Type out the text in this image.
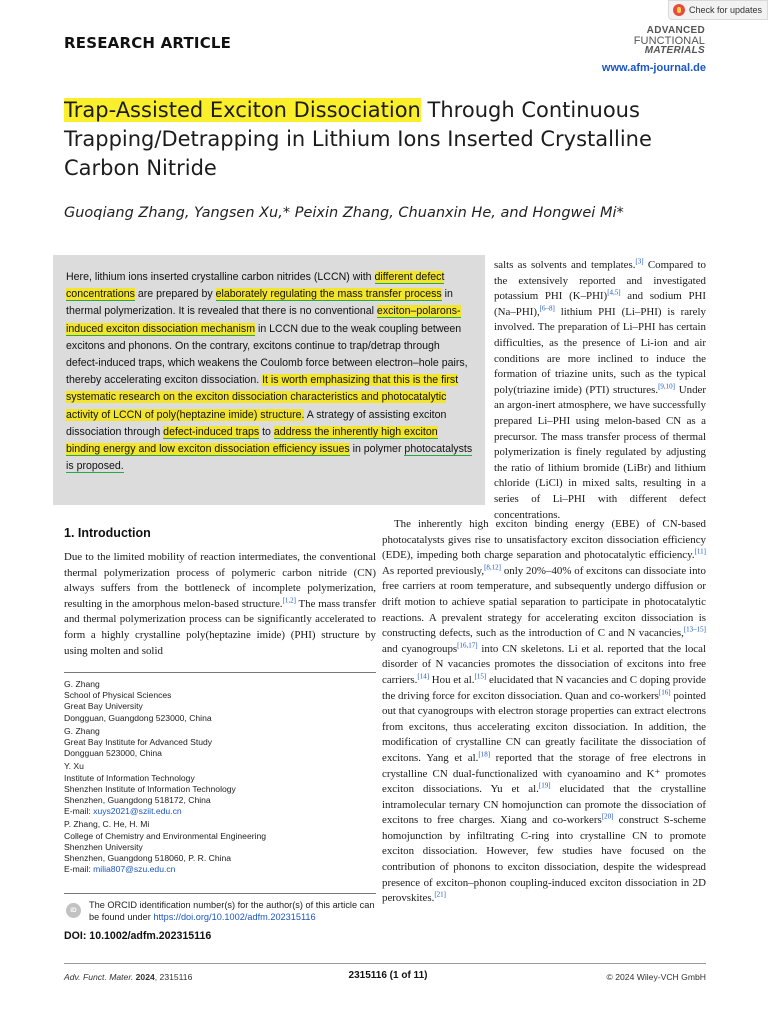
Check for updates
RESEARCH ARTICLE
ADVANCED
FUNCTIONAL
MATERIALS
www.afm-journal.de
Trap-Assisted Exciton Dissociation Through Continuous Trapping/Detrapping in Lithium Ions Inserted Crystalline Carbon Nitride
Guoqiang Zhang, Yangsen Xu,* Peixin Zhang, Chuanxin He, and Hongwei Mi*

Here, lithium ions inserted crystalline carbon nitrides (LCCN) with different defect concentrations are prepared by elaborately regulating the mass transfer process in thermal polymerization. It is revealed that there is no conventional exciton–polarons-induced exciton dissociation mechanism in LCCN due to the weak coupling between excitons and phonons. On the contrary, excitons continue to trap/detrap through defect-induced traps, which weakens the Coulomb force between electron–hole pairs, thereby accelerating exciton dissociation. It is worth emphasizing that this is the first systematic research on the exciton dissociation characteristics and photocatalytic activity of LCCN of poly(heptazine imide) structure. A strategy of assisting exciton dissociation through defect-induced traps to address the inherently high exciton binding energy and low exciton dissociation efficiency issues in polymer photocatalysts is proposed.

salts as solvents and templates.[3] Compared to the extensively reported and investigated potassium PHI (K–PHI)[4,5] and sodium PHI (Na–PHI),[6–8] lithium PHI (Li–PHI) is rarely involved. The preparation of Li–PHI has certain difficulties, as the presence of Li-ion and air conditions are more inclined to induce the formation of triazine units, such as the typical poly(triazine imide) (PTI) structures.[9,10] Under an argon-inert atmosphere, we have successfully prepared Li–PHI using melon-based CN as a precursor. The mass transfer process of thermal polymerization is finely regulated by adjusting the ratio of lithium bromide (LiBr) and lithium chloride (LiCl) in mixed salts, resulting in a series of Li–PHI with different defect concentrations.
The inherently high exciton binding energy (EBE) of CN-based photocatalysts gives rise to unsatisfactory exciton dissociation efficiency (EDE), impeding both charge separation and photocatalytic efficiency.[11] As reported previously,[8,12] only 20%–40% of excitons can dissociate into free carriers at room temperature, and subsequently undergo diffusion or drift motion to achieve spatial separation to participate in photocatalytic reactions. A prevalent strategy for accelerating exciton dissociation is constructing defects, such as the introduction of C and N vacancies,[13–15] and cyanogroups[16,17] into CN skeletons. Li et al. reported that the local disorder of N vacancies promotes the dissociation of excitons into free carriers.[14] Hou et al.[15] elucidated that N vacancies and C doping provide the driving force for exciton dissociation. Quan and co-workers[16] pointed out that cyanogroups with electron storage properties can extract electrons from excitons, thus accelerating exciton dissociation. In addition, the modification of crystalline CN can greatly facilitate the dissociation of excitons. Yang et al.[18] reported that the storage of free electrons in crystalline CN dual-functionalized with cyanoamino and K⁺ promotes exciton dissociations. Yu et al.[19] elucidated that the crystalline intramolecular ternary CN homojunction can promote the dissociation of excitons to free charges. Xiang and co-workers[20] construct S-scheme homojunction by infiltrating C-ring into crystalline CN to promote exciton dissociation. However, few studies have focused on the contribution of phonons to exciton dissociation, despite the widespread presence of exciton–phonon coupling-induced exciton dissociation in 2D perovskites.[21]
1. Introduction
Due to the limited mobility of reaction intermediates, the conventional thermal polymerization process of polymeric carbon nitride (CN) always suffers from the bottleneck of incomplete polymerization, resulting in the amorphous melon-based structure.[1,2] The mass transfer and thermal polymerization process can be significantly accelerated to form a highly crystalline poly(heptazine imide) (PHI) structure by using molten and solid
G. Zhang
School of Physical Sciences
Great Bay University
Dongguan, Guangdong 523000, China
G. Zhang
Great Bay Institute for Advanced Study
Dongguan 523000, China
Y. Xu
Institute of Information Technology
Shenzhen Institute of Information Technology
Shenzhen, Guangdong 518172, China
E-mail: xuys2021@sziit.edu.cn
P. Zhang, C. He, H. Mi
College of Chemistry and Environmental Engineering
Shenzhen University
Shenzhen, Guangdong 518060, P. R. China
E-mail: milia807@szu.edu.cn
iD
The ORCID identification number(s) for the author(s) of this article can be found under https://doi.org/10.1002/adfm.202315116
DOI: 10.1002/adfm.202315116
Adv. Funct. Mater. 2024, 2315116	2315116 (1 of 11)	© 2024 Wiley-VCH GmbH
